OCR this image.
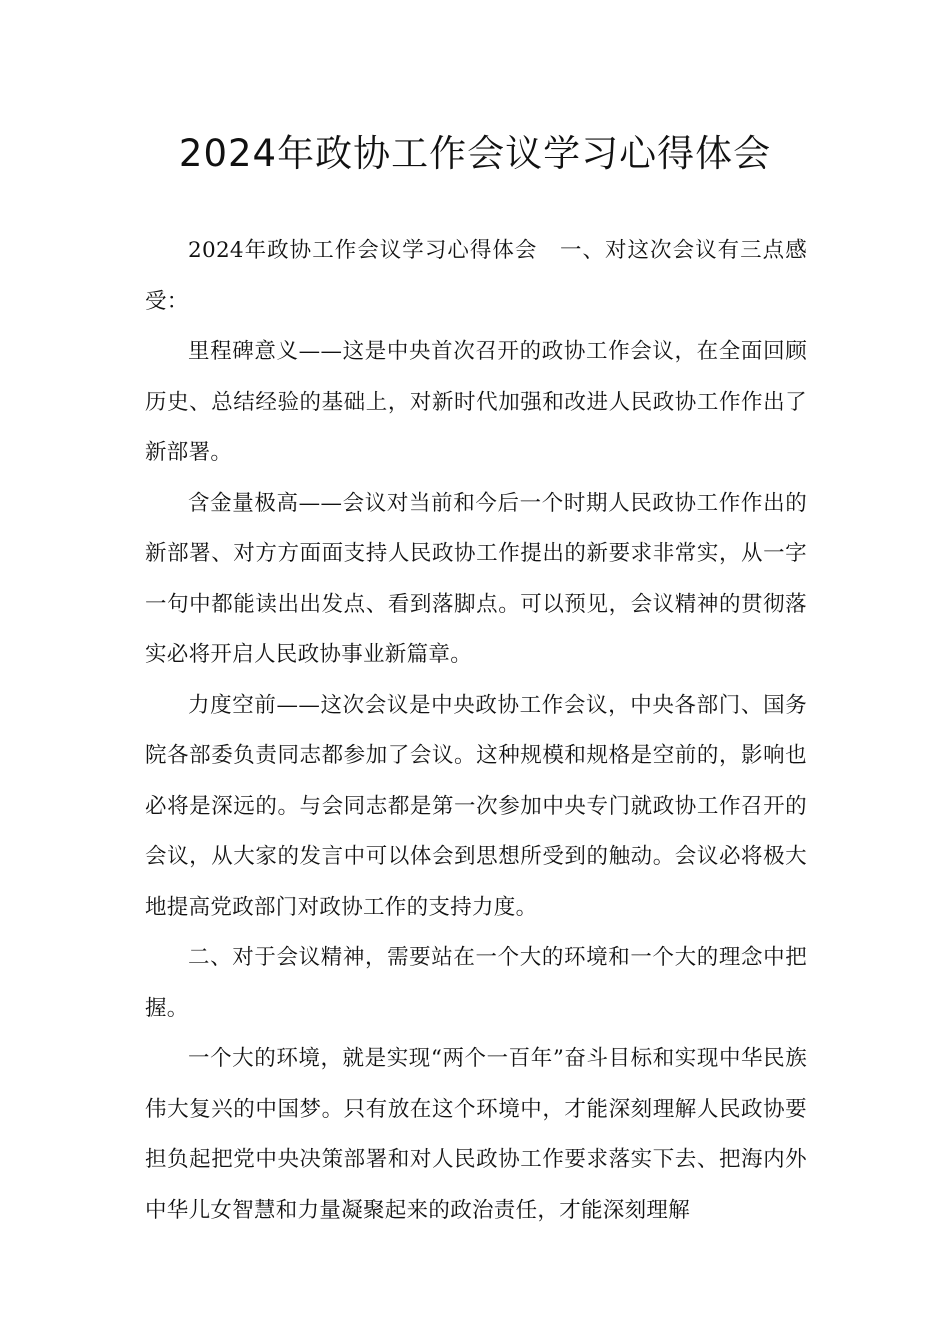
2024年政协工作会议学习心得体会

2024年政协工作会议学习心得体会　一、对这次会议有三点感受：

里程碑意义——这是中央首次召开的政协工作会议，在全面回顾历史、总结经验的基础上，对新时代加强和改进人民政协工作作出了新部署。

含金量极高——会议对当前和今后一个时期人民政协工作作出的新部署、对方方面面支持人民政协工作提出的新要求非常实，从一字一句中都能读出出发点、看到落脚点。可以预见，会议精神的贯彻落实必将开启人民政协事业新篇章。

力度空前——这次会议是中央政协工作会议，中央各部门、国务院各部委负责同志都参加了会议。这种规模和规格是空前的，影响也必将是深远的。与会同志都是第一次参加中央专门就政协工作召开的会议，从大家的发言中可以体会到思想所受到的触动。会议必将极大地提高党政部门对政协工作的支持力度。

二、对于会议精神，需要站在一个大的环境和一个大的理念中把握。

一个大的环境，就是实现“两个一百年”奋斗目标和实现中华民族伟大复兴的中国梦。只有放在这个环境中，才能深刻理解人民政协要担负起把党中央决策部署和对人民政协工作要求落实下去、把海内外中华儿女智慧和力量凝聚起来的政治责任，才能深刻理解
